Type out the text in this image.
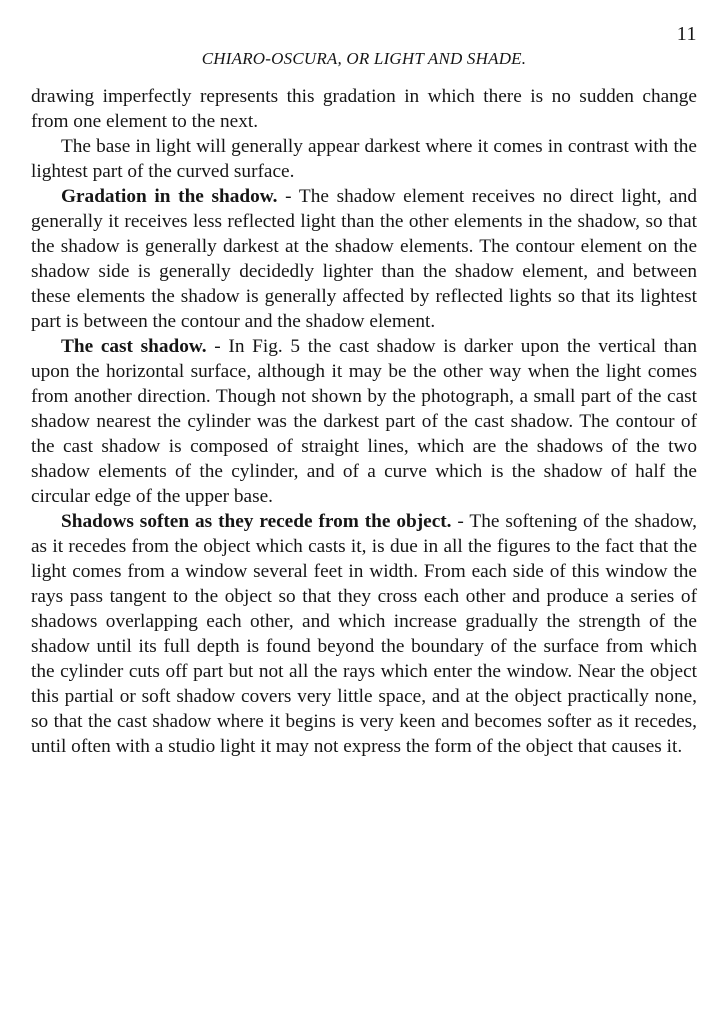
11
CHIARO-OSCURA, OR LIGHT AND SHADE.

drawing imperfectly represents this gradation in which there is no sudden change from one element to the next.

The base in light will generally appear darkest where it comes in contrast with the lightest part of the curved surface.

Gradation in the shadow. - The shadow element receives no direct light, and generally it receives less reflected light than the other elements in the shadow, so that the shadow is generally darkest at the shadow elements. The contour element on the shadow side is generally decidedly lighter than the shadow element, and between these elements the shadow is generally affected by reflected lights so that its lightest part is between the contour and the shadow element.

The cast shadow. - In Fig. 5 the cast shadow is darker upon the vertical than upon the horizontal surface, although it may be the other way when the light comes from another direction. Though not shown by the photograph, a small part of the cast shadow nearest the cylinder was the darkest part of the cast shadow. The contour of the cast shadow is composed of straight lines, which are the shadows of the two shadow elements of the cylinder, and of a curve which is the shadow of half the circular edge of the upper base.

Shadows soften as they recede from the object. - The softening of the shadow, as it recedes from the object which casts it, is due in all the figures to the fact that the light comes from a window several feet in width. From each side of this window the rays pass tangent to the object so that they cross each other and produce a series of shadows overlapping each other, and which increase gradually the strength of the shadow until its full depth is found beyond the boundary of the surface from which the cylinder cuts off part but not all the rays which enter the window. Near the object this partial or soft shadow covers very little space, and at the object practically none, so that the cast shadow where it begins is very keen and becomes softer as it recedes, until often with a studio light it may not express the form of the object that causes it.
